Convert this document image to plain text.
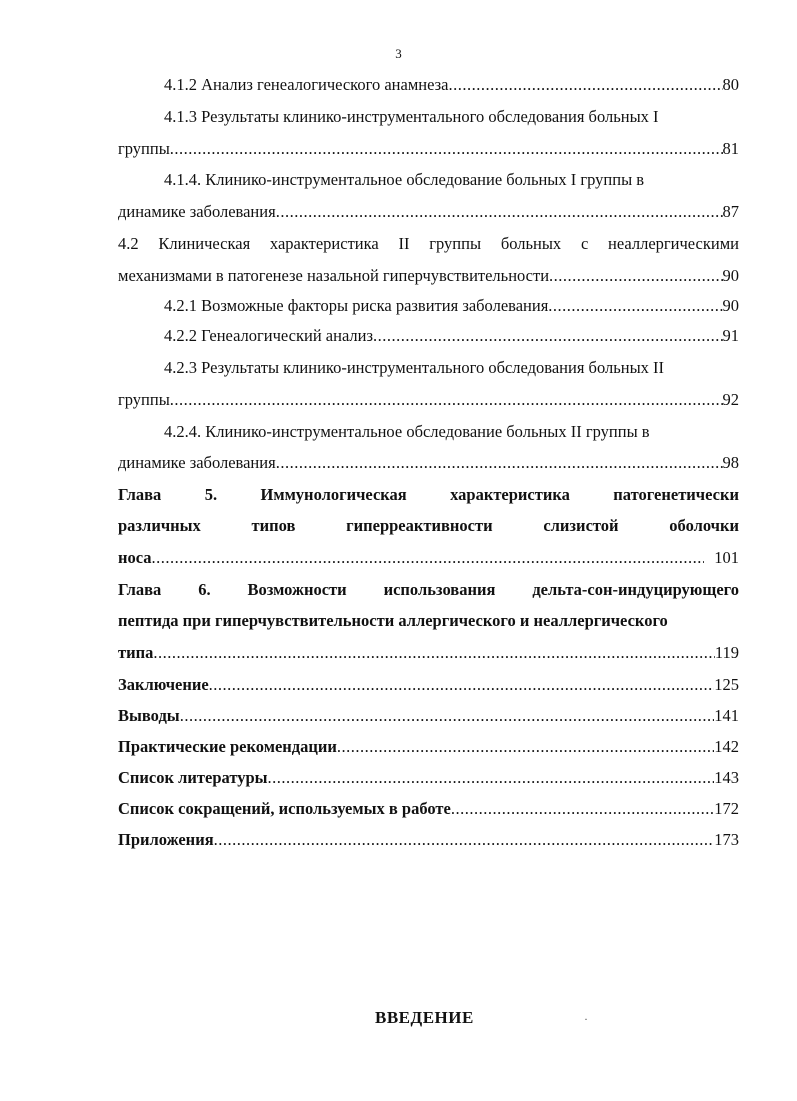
3
4.1.2 Анализ генеалогического анамнеза .....	80
4.1.3 Результаты клинико-инструментального обследования больных I
группы .....	81
4.1.4. Клинико-инструментальное обследование больных I группы в
динамике заболевания .....	87
4.2 Клиническая характеристика II группы больных с неаллергическими
механизмами в патогенезе назальной гиперчувствительности .....	90
4.2.1 Возможные факторы риска развития заболевания .....	90
4.2.2 Генеалогический анализ .....	91
4.2.3 Результаты клинико-инструментального обследования больных II
группы .....	92
4.2.4. Клинико-инструментальное обследование больных II группы в
динамике заболевания .....	98
Глава	5.	Иммунологическая	характеристика	патогенетически
различных	типов	гиперреактивности	слизистой	оболочки
носа .....	101
Глава 6. Возможности использования дельта-сон-индуцирующего
пептида при гиперчувствительности аллергического и неаллергического
типа .....	119
Заключение .....	125
Выводы .....	141
Практические рекомендации .....	142
Список литературы .....	143
Список сокращений, используемых в работе .....	172
Приложения .....	173
ВВЕДЕНИЕ	·
